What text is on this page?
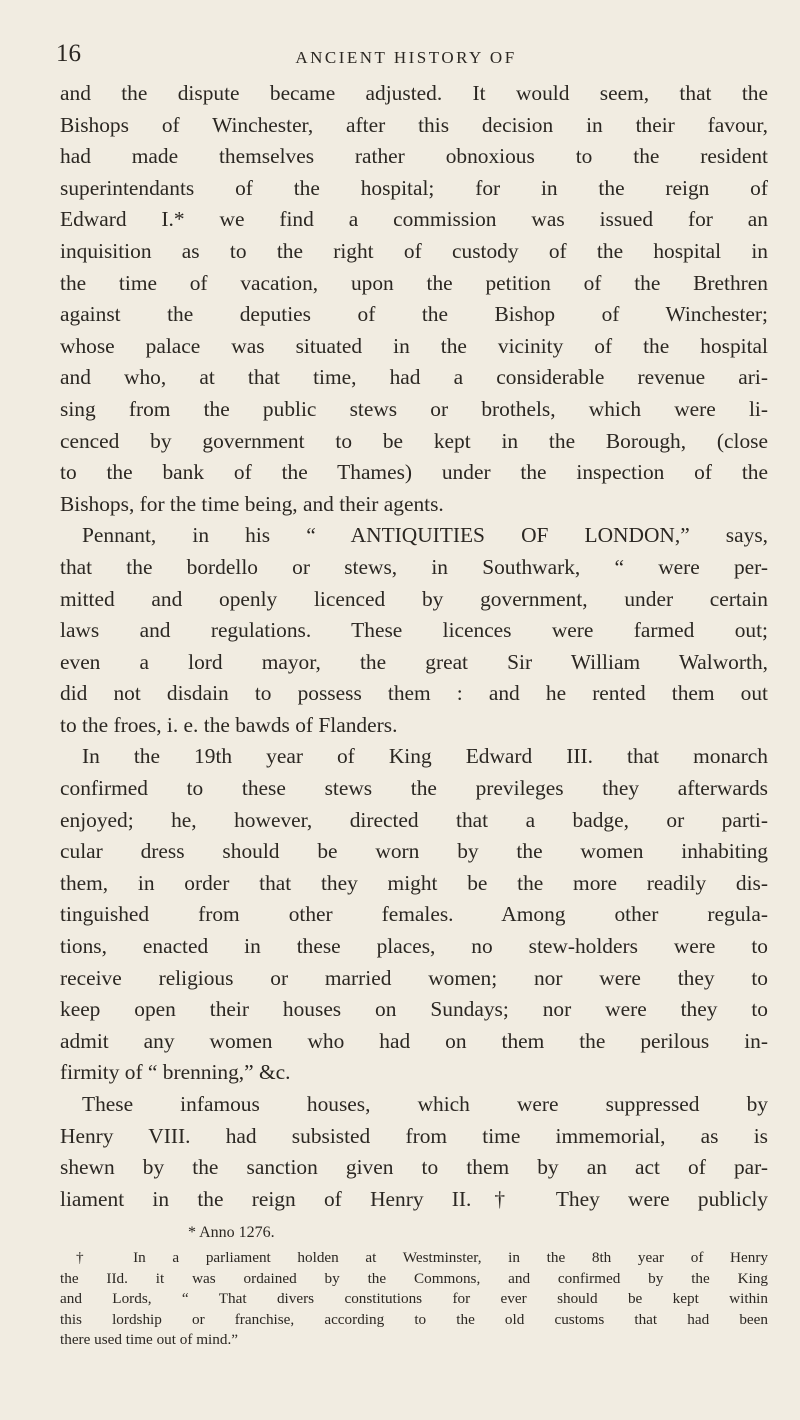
16	ANCIENT HISTORY OF
and the dispute became adjusted. It would seem, that the
Bishops of Winchester, after this decision in their favour,
had made themselves rather obnoxious to the resident
superintendants of the hospital; for in the reign of
Edward I.* we find a commission was issued for an
inquisition as to the right of custody of the hospital in
the time of vacation, upon the petition of the Brethren
against the deputies of the Bishop of Winchester;
whose palace was situated in the vicinity of the hospital
and who, at that time, had a considerable revenue ari-
sing from the public stews or brothels, which were li-
cenced by government to be kept in the Borough, (close
to the bank of the Thames) under the inspection of the
Bishops, for the time being, and their agents.
Pennant, in his “ ANTIQUITIES OF LONDON,” says,
that the bordello or stews, in Southwark, “ were per-
mitted and openly licenced by government, under certain
laws and regulations. These licences were farmed out;
even a lord mayor, the great Sir William Walworth,
did not disdain to possess them : and he rented them out
to the froes, i. e. the bawds of Flanders.
In the 19th year of King Edward III. that monarch
confirmed to these stews the previleges they afterwards
enjoyed; he, however, directed that a badge, or parti-
cular dress should be worn by the women inhabiting
them, in order that they might be the more readily dis-
tinguished from other females. Among other regula-
tions, enacted in these places, no stew-holders were to
receive religious or married women; nor were they to
keep open their houses on Sundays; nor were they to
admit any women who had on them the perilous in-
firmity of “ brenning,” &c.
These infamous houses, which were suppressed by
Henry VIII. had subsisted from time immemorial, as is
shewn by the sanction given to them by an act of par-
liament in the reign of Henry II.† They were publicly
* Anno 1276.
† In a parliament holden at Westminster, in the 8th year of Henry
the IId. it was ordained by the Commons, and confirmed by the King
and Lords, “ That divers constitutions for ever should be kept within
this lordship or franchise, according to the old customs that had been
there used time out of mind.”
